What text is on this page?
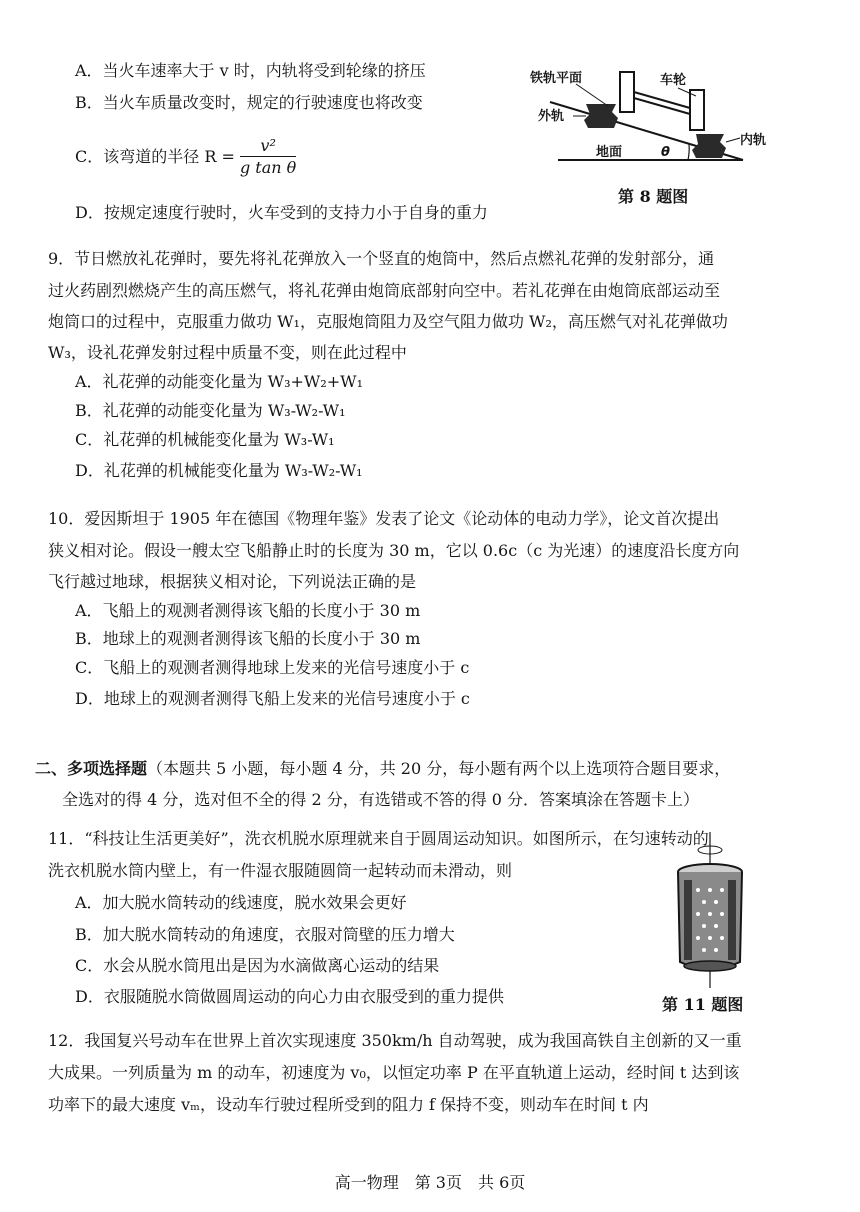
A．当火车速率大于 v 时，内轨将受到轮缘的挤压
B．当火车质量改变时，规定的行驶速度也将改变
C．该弯道的半径 $R = \frac{\text{v²}}{\text{g tan θ}}$
D．按规定速度行驶时，火车受到的支持力小于自身的重力
铁轨平面	车轮
外轨
内轨
地面	θ
第 8 题图
9．节日燃放礼花弹时，要先将礼花弹放入一个竖直的炮筒中，然后点燃礼花弹的发射部分，通
过火药剧烈燃烧产生的高压燃气，将礼花弹由炮筒底部射向空中。若礼花弹在由炮筒底部运动至
炮筒口的过程中，克服重力做功 W₁，克服炮筒阻力及空气阻力做功 W₂，高压燃气对礼花弹做功
W₃，设礼花弹发射过程中质量不变，则在此过程中
A．礼花弹的动能变化量为 W₃+W₂+W₁
B．礼花弹的动能变化量为 W₃-W₂-W₁
C．礼花弹的机械能变化量为 W₃-W₁
D．礼花弹的机械能变化量为 W₃-W₂-W₁
10．爱因斯坦于 1905 年在德国《物理年鉴》发表了论文《论动体的电动力学》，论文首次提出
狭义相对论。假设一艘太空飞船静止时的长度为 30 m，它以 0.6c（c 为光速）的速度沿长度方向
飞行越过地球，根据狭义相对论，下列说法正确的是
A．飞船上的观测者测得该飞船的长度小于 30 m
B．地球上的观测者测得该飞船的长度小于 30 m
C．飞船上的观测者测得地球上发来的光信号速度小于 c
D．地球上的观测者测得飞船上发来的光信号速度小于 c
二、多项选择题（本题共 5 小题，每小题 4 分，共 20 分，每小题有两个以上选项符合题目要求，
全选对的得 4 分，选对但不全的得 2 分，有选错或不答的得 0 分．答案填涂在答题卡上）
11．“科技让生活更美好”，洗衣机脱水原理就来自于圆周运动知识。如图所示，在匀速转动的
洗衣机脱水筒内壁上，有一件湿衣服随圆筒一起转动而未滑动，则
A．加大脱水筒转动的线速度，脱水效果会更好
B．加大脱水筒转动的角速度，衣服对筒壁的压力增大
C．水会从脱水筒甩出是因为水滴做离心运动的结果
D．衣服随脱水筒做圆周运动的向心力由衣服受到的重力提供	第 11 题图
12．我国复兴号动车在世界上首次实现速度 350km/h 自动驾驶，成为我国高铁自主创新的又一重
大成果。一列质量为 m 的动车，初速度为 v₀，以恒定功率 P 在平直轨道上运动，经时间 t 达到该
功率下的最大速度 vₘ，设动车行驶过程所受到的阻力 f 保持不变，则动车在时间 t 内
高一物理　第 3页　共 6页
